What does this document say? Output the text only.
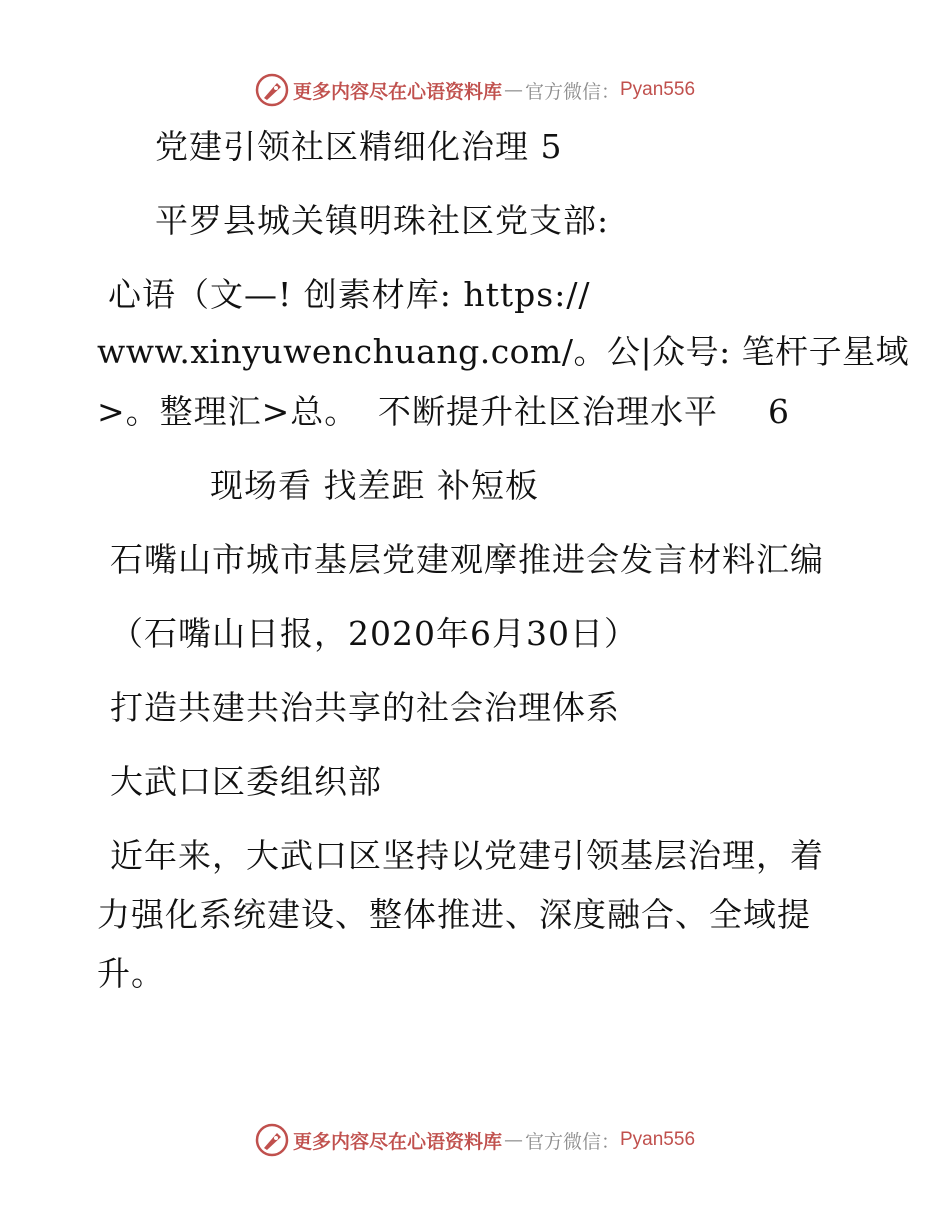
更多内容尽在心语资料库 — 官方微信： Pyan556
党建引领社区精细化治理 5
平罗县城关镇明珠社区党支部:
心语（文—! 创素材库: https://
www.xinyuwenchuang.com/。公|众号: 笔杆子星域
>。整理汇>总。 不断提升社区治理水平 6
现场看 找差距 补短板
石嘴山市城市基层党建观摩推进会发言材料汇编
（石嘴山日报，2020年6月30日）
打造共建共治共享的社会治理体系
大武口区委组织部
近年来，大武口区坚持以党建引领基层治理，着
力强化系统建设、整体推进、深度融合、全域提
升。
更多内容尽在心语资料库 — 官方微信： Pyan556
